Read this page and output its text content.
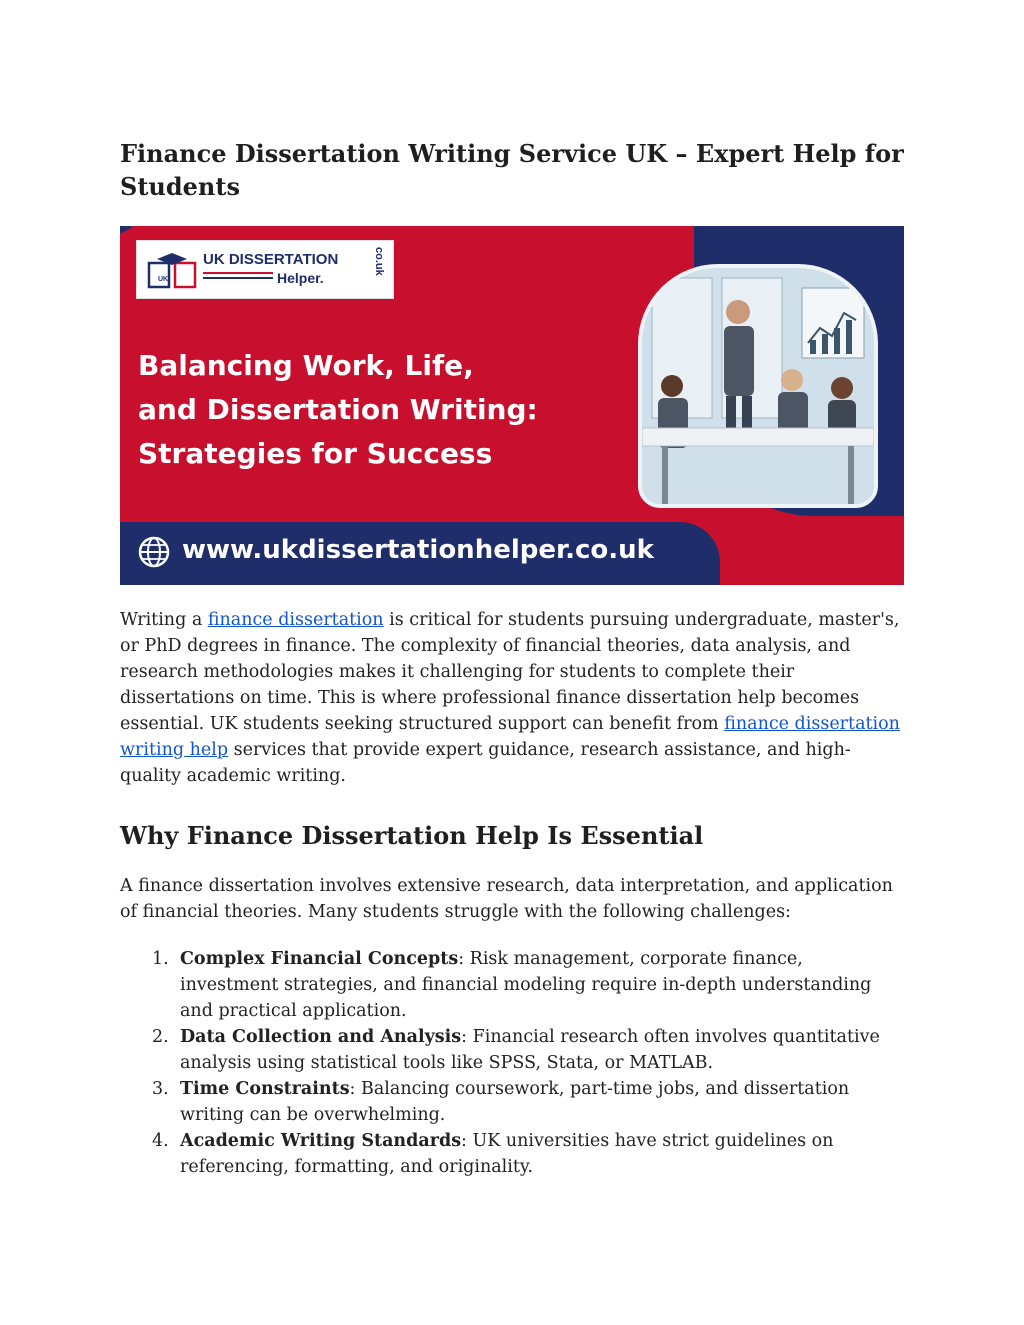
Finance Dissertation Writing Service UK – Expert Help for Students
UK
UK DISSERTATION
Helper.
co.uk
Balancing Work, Life,
and Dissertation Writing:
Strategies for Success
www.ukdissertationhelper.co.uk

Writing a finance dissertation is critical for students pursuing undergraduate, master's, or PhD degrees in finance. The complexity of financial theories, data analysis, and research methodologies makes it challenging for students to complete their dissertations on time. This is where professional finance dissertation help becomes essential. UK students seeking structured support can benefit from finance dissertation writing help services that provide expert guidance, research assistance, and high-quality academic writing.

Why Finance Dissertation Help Is Essential

A finance dissertation involves extensive research, data interpretation, and application of financial theories. Many students struggle with the following challenges:

1. Complex Financial Concepts: Risk management, corporate finance, investment strategies, and financial modeling require in-depth understanding and practical application.
2. Data Collection and Analysis: Financial research often involves quantitative analysis using statistical tools like SPSS, Stata, or MATLAB.
3. Time Constraints: Balancing coursework, part-time jobs, and dissertation writing can be overwhelming.
4. Academic Writing Standards: UK universities have strict guidelines on referencing, formatting, and originality.
